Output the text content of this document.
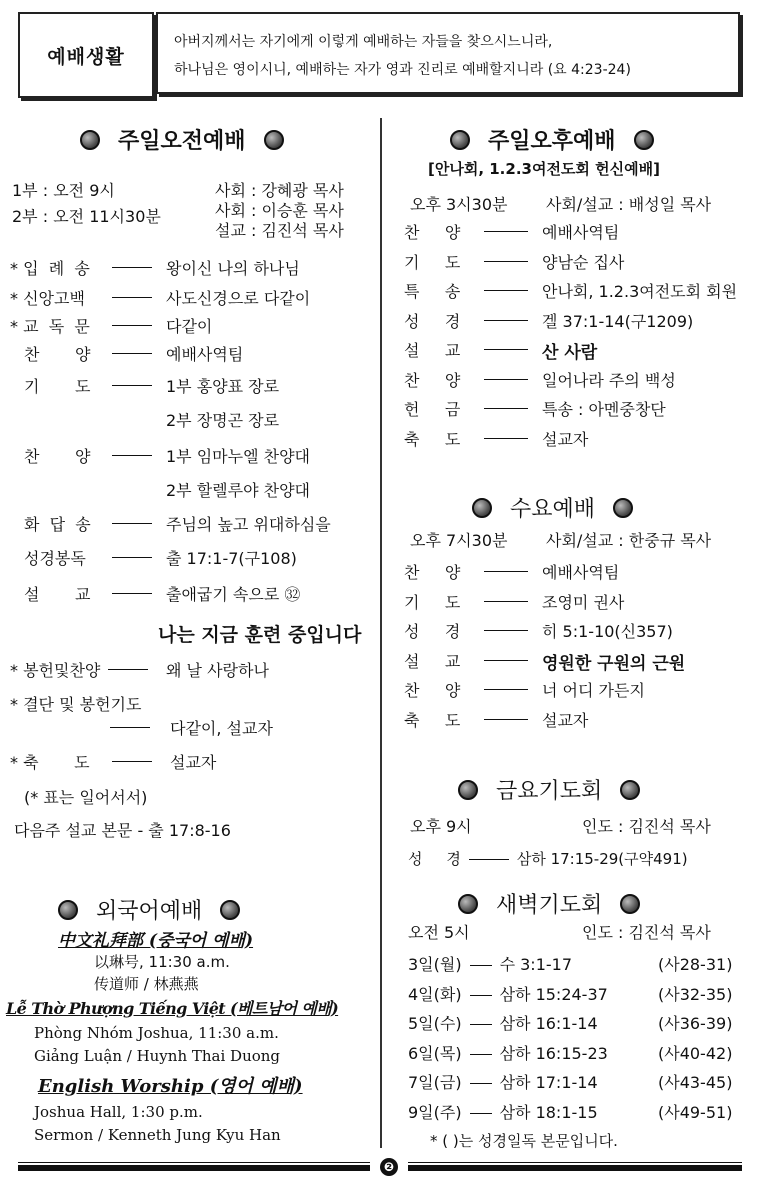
예배생활
아버지께서는 자기에게 이렇게 예배하는 자들을 찾으시느니라,
하나님은 영이시니, 예배하는 자가 영과 진리로 예배할지니라 (요 4:23-24)
주일오전예배
1부 : 오전 9시
2부 : 오전 11시30분
사회 : 강혜광 목사
사회 : 이승훈 목사
설교 : 김진석 목사
* 입  례  송	왕이신 나의 하나님
* 신앙고백	사도신경으로 다같이
* 교  독  문	다같이
찬       양	예배사역팀
기       도	1부 홍양표 장로
2부 장명곤 장로
찬       양	1부 임마누엘 찬양대
2부 할렐루야 찬양대
화  답  송	주님의 높고 위대하심을
성경봉독	출 17:1-7(구108)
설       교	출애굽기 속으로 ㉜
나는 지금 훈련 중입니다
* 봉헌및찬양	왜 날 사랑하나
* 결단 및 봉헌기도
다같이, 설교자
* 축       도	설교자
(* 표는 일어서서)
다음주 설교 본문 - 출 17:8-16
외국어예배
中文礼拜部 (중국어 예배)
以琳号, 11:30 a.m.
传道师 / 林燕燕
Lễ Thờ Phượng Tiếng Việt (베트남어 예배)
Phòng Nhóm Joshua, 11:30 a.m.
Giảng Luận / Huynh Thai Duong
English Worship (영어 예배)
Joshua Hall, 1:30 p.m.
Sermon / Kenneth Jung Kyu Han
주일오후예배
[안나회, 1.2.3여전도회 헌신예배]
오후 3시30분 사회/설교 : 배성일 목사
찬     양	예배사역팀
기     도	양남순 집사
특     송	안나회, 1.2.3여전도회 회원
성     경	겔 37:1-14(구1209)
설     교	산 사람
찬     양	일어나라 주의 백성
헌     금	특송 : 아멘중창단
축     도	설교자
수요예배
오후 7시30분 사회/설교 : 한중규 목사
찬     양	예배사역팀
기     도	조영미 권사
성     경	히 5:1-10(신357)
설     교	영원한 구원의 근원
찬     양	너 어디 가든지
축     도	설교자
금요기도회
오후 9시	인도 : 김진석 목사
성     경	삼하 17:15-29(구약491)
새벽기도회
오전 5시	인도 : 김진석 목사
3일(월) 수 3:1-17	(사28-31)
4일(화) 삼하 15:24-37	(사32-35)
5일(수) 삼하 16:1-14	(사36-39)
6일(목) 삼하 16:15-23	(사40-42)
7일(금) 삼하 17:1-14	(사43-45)
9일(주) 삼하 18:1-15	(사49-51)
* ( )는 성경일독 본문입니다.
❷
